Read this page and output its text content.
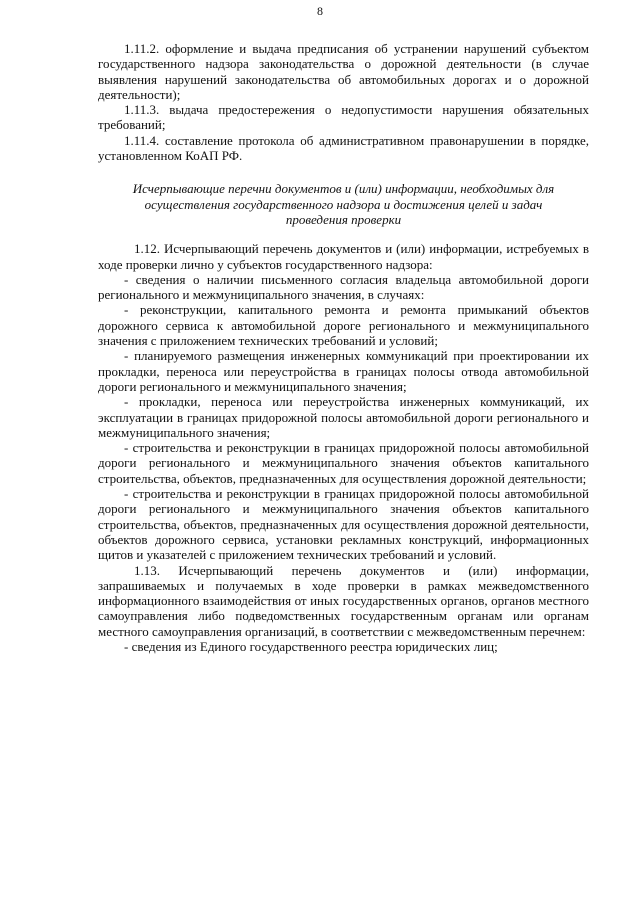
8

1.11.2. оформление и выдача предписания об устранении нарушений субъектом государственного надзора законодательства о дорожной деятельности (в случае выявления нарушений законодательства об автомобильных дорогах и о дорожной деятельности);

1.11.3. выдача предостережения о недопустимости нарушения обязательных требований;

1.11.4. составление протокола об административном правонарушении в порядке, установленном КоАП РФ.

Исчерпывающие перечни документов и (или) информации, необходимых для осуществления государственного надзора и достижения целей и задач проведения проверки

1.12. Исчерпывающий перечень документов и (или) информации, истребуемых в ходе проверки лично у субъектов государственного надзора:

- сведения о наличии письменного согласия владельца автомобильной дороги регионального и межмуниципального значения, в случаях:

- реконструкции, капитального ремонта и ремонта примыканий объектов дорожного сервиса к автомобильной дороге регионального и межмуниципального значения с приложением технических требований и условий;

- планируемого размещения инженерных коммуникаций при проектировании их прокладки, переноса или переустройства в границах полосы отвода автомобильной дороги регионального и межмуниципального значения;

- прокладки, переноса или переустройства инженерных коммуникаций, их эксплуатации в границах придорожной полосы автомобильной дороги регионального и межмуниципального значения;

- строительства и реконструкции в границах придорожной полосы автомобильной дороги регионального и межмуниципального значения объектов капитального строительства, объектов, предназначенных для осуществления дорожной деятельности;

- строительства и реконструкции в границах придорожной полосы автомобильной дороги регионального и межмуниципального значения объектов капитального строительства, объектов, предназначенных для осуществления дорожной деятельности, объектов дорожного сервиса, установки рекламных конструкций, информационных щитов и указателей с приложением технических требований и условий.

1.13. Исчерпывающий перечень документов и (или) информации, запрашиваемых и получаемых в ходе проверки в рамках межведомственного информационного взаимодействия от иных государственных органов, органов местного самоуправления либо подведомственных государственным органам или органам местного самоуправления организаций, в соответствии с межведомственным перечнем:

- сведения из Единого государственного реестра юридических лиц;
